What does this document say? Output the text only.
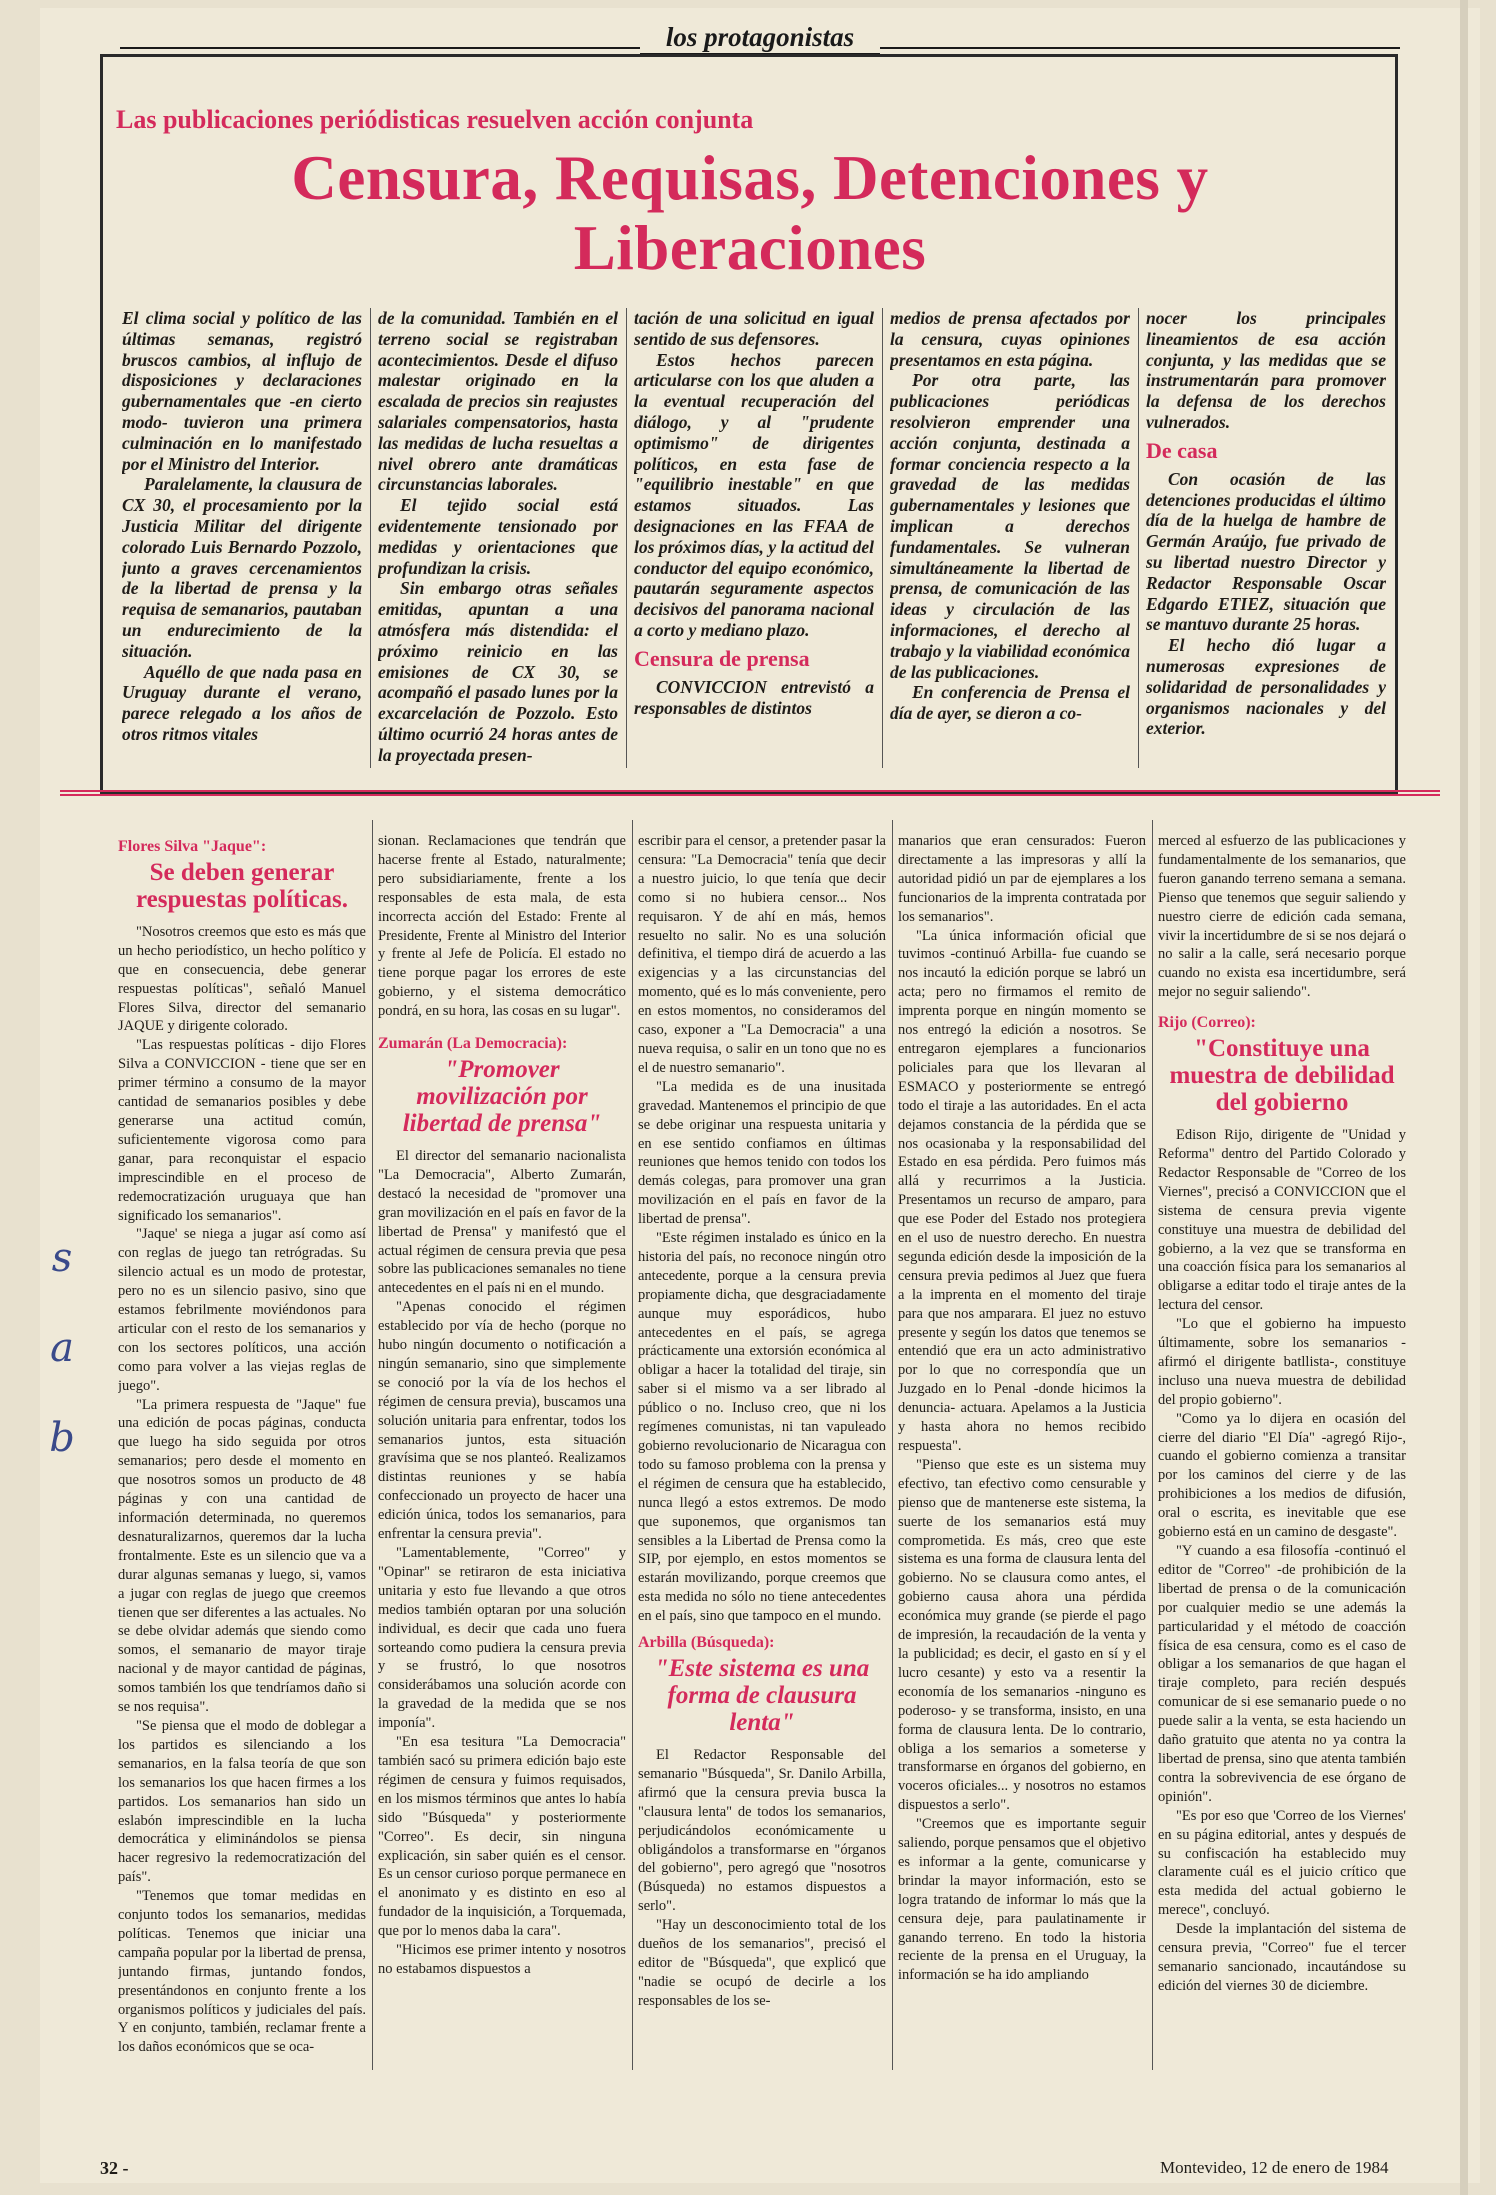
los protagonistas
Las publicaciones periódisticas resuelven acción conjunta
Censura, Requisas, Detenciones y Liberaciones

El clima social y político de las últimas semanas, registró bruscos cambios, al influjo de disposiciones y declaraciones gubernamentales que -en cierto modo- tuvieron una primera culminación en lo manifestado por el Ministro del Interior.

Paralelamente, la clausura de CX 30, el procesamiento por la Justicia Militar del dirigente colorado Luis Bernardo Pozzolo, junto a graves cercenamientos de la libertad de prensa y la requisa de semanarios, pautaban un endurecimiento de la situación.

Aquéllo de que nada pasa en Uruguay durante el verano, parece relegado a los años de otros ritmos vitales

de la comunidad. También en el terreno social se registraban acontecimientos. Desde el difuso malestar originado en la escalada de precios sin reajustes salariales compensatorios, hasta las medidas de lucha resueltas a nivel obrero ante dramáticas circunstancias laborales.

El tejido social está evidentemente tensionado por medidas y orientaciones que profundizan la crisis.

Sin embargo otras señales emitidas, apuntan a una atmósfera más distendida: el próximo reinicio en las emisiones de CX 30, se acompañó el pasado lunes por la excarcelación de Pozzolo. Esto último ocurrió 24 horas antes de la proyectada presen-

tación de una solicitud en igual sentido de sus defensores.

Estos hechos parecen articularse con los que aluden a la eventual recuperación del diálogo, y al "prudente optimismo" de dirigentes políticos, en esta fase de "equilibrio inestable" en que estamos situados. Las designaciones en las FFAA de los próximos días, y la actitud del conductor del equipo económico, pautarán seguramente aspectos decisivos del panorama nacional a corto y mediano plazo.

Censura de prensa

CONVICCION entrevistó a responsables de distintos

medios de prensa afectados por la censura, cuyas opiniones presentamos en esta página.

Por otra parte, las publicaciones periódicas resolvieron emprender una acción conjunta, destinada a formar conciencia respecto a la gravedad de las medidas gubernamentales y lesiones que implican a derechos fundamentales. Se vulneran simultáneamente la libertad de prensa, de comunicación de las ideas y circulación de las informaciones, el derecho al trabajo y la viabilidad económica de las publicaciones.

En conferencia de Prensa el día de ayer, se dieron a co-

nocer los principales lineamientos de esa acción conjunta, y las medidas que se instrumentarán para promover la defensa de los derechos vulnerados.

De casa

Con ocasión de las detenciones producidas el último día de la huelga de hambre de Germán Araújo, fue privado de su libertad nuestro Director y Redactor Responsable Oscar Edgardo ETIEZ, situación que se mantuvo durante 25 horas.

El hecho dió lugar a numerosas expresiones de solidaridad de personalidades y organismos nacionales y del exterior.

Flores Silva "Jaque":
Se deben generar respuestas políticas.

"Nosotros creemos que esto es más que un hecho periodístico, un hecho político y que en consecuencia, debe generar respuestas políticas", señaló Manuel Flores Silva, director del semanario JAQUE y dirigente colorado.

"Las respuestas políticas - dijo Flores Silva a CONVICCION - tiene que ser en primer término a consumo de la mayor cantidad de semanarios posibles y debe generarse una actitud común, suficientemente vigorosa como para ganar, para reconquistar el espacio imprescindible en el proceso de redemocratización uruguaya que han significado los semanarios".

"Jaque' se niega a jugar así como así con reglas de juego tan retrógradas. Su silencio actual es un modo de protestar, pero no es un silencio pasivo, sino que estamos febrilmente moviéndonos para articular con el resto de los semanarios y con los sectores políticos, una acción como para volver a las viejas reglas de juego".

"La primera respuesta de "Jaque" fue una edición de pocas páginas, conducta que luego ha sido seguida por otros semanarios; pero desde el momento en que nosotros somos un producto de 48 páginas y con una cantidad de información determinada, no queremos desnaturalizarnos, queremos dar la lucha frontalmente. Este es un silencio que va a durar algunas semanas y luego, si, vamos a jugar con reglas de juego que creemos tienen que ser diferentes a las actuales. No se debe olvidar además que siendo como somos, el semanario de mayor tiraje nacional y de mayor cantidad de páginas, somos también los que tendríamos daño si se nos requisa".

"Se piensa que el modo de doblegar a los partidos es silenciando a los semanarios, en la falsa teoría de que son los semanarios los que hacen firmes a los partidos. Los semanarios han sido un eslabón imprescindible en la lucha democrática y eliminándolos se piensa hacer regresivo la redemocratización del país".

"Tenemos que tomar medidas en conjunto todos los semanarios, medidas políticas. Tenemos que iniciar una campaña popular por la libertad de prensa, juntando firmas, juntando fondos, presentándonos en conjunto frente a los organismos políticos y judiciales del país. Y en conjunto, también, reclamar frente a los daños económicos que se oca-

sionan. Reclamaciones que tendrán que hacerse frente al Estado, naturalmente; pero subsidiariamente, frente a los responsables de esta mala, de esta incorrecta acción del Estado: Frente al Presidente, Frente al Ministro del Interior y frente al Jefe de Policía. El estado no tiene porque pagar los errores de este gobierno, y el sistema democrático pondrá, en su hora, las cosas en su lugar".

Zumarán (La Democracia):
"Promover movilización por libertad de prensa"

El director del semanario nacionalista "La Democracia", Alberto Zumarán, destacó la necesidad de "promover una gran movilización en el país en favor de la libertad de Prensa" y manifestó que el actual régimen de censura previa que pesa sobre las publicaciones semanales no tiene antecedentes en el país ni en el mundo.

"Apenas conocido el régimen establecido por vía de hecho (porque no hubo ningún documento o notificación a ningún semanario, sino que simplemente se conoció por la vía de los hechos el régimen de censura previa), buscamos una solución unitaria para enfrentar, todos los semanarios juntos, esta situación gravísima que se nos planteó. Realizamos distintas reuniones y se había confeccionado un proyecto de hacer una edición única, todos los semanarios, para enfrentar la censura previa".

"Lamentablemente, "Correo" y "Opinar" se retiraron de esta iniciativa unitaria y esto fue llevando a que otros medios también optaran por una solución individual, es decir que cada uno fuera sorteando como pudiera la censura previa y se frustró, lo que nosotros considerábamos una solución acorde con la gravedad de la medida que se nos imponía".

"En esa tesitura "La Democracia" también sacó su primera edición bajo este régimen de censura y fuimos requisados, en los mismos términos que antes lo había sido "Búsqueda" y posteriormente "Correo". Es decir, sin ninguna explicación, sin saber quién es el censor. Es un censor curioso porque permanece en el anonimato y es distinto en eso al fundador de la inquisición, a Torquemada, que por lo menos daba la cara".

"Hicimos ese primer intento y nosotros no estabamos dispuestos a

escribir para el censor, a pretender pasar la censura: "La Democracia" tenía que decir a nuestro juicio, lo que tenía que decir como si no hubiera censor... Nos requisaron. Y de ahí en más, hemos resuelto no salir. No es una solución definitiva, el tiempo dirá de acuerdo a las exigencias y a las circunstancias del momento, qué es lo más conveniente, pero en estos momentos, no consideramos del caso, exponer a "La Democracia" a una nueva requisa, o salir en un tono que no es el de nuestro semanario".

"La medida es de una inusitada gravedad. Mantenemos el principio de que se debe originar una respuesta unitaria y en ese sentido confiamos en últimas reuniones que hemos tenido con todos los demás colegas, para promover una gran movilización en el país en favor de la libertad de prensa".

"Este régimen instalado es único en la historia del país, no reconoce ningún otro antecedente, porque a la censura previa propiamente dicha, que desgraciadamente aunque muy esporádicos, hubo antecedentes en el país, se agrega prácticamente una extorsión económica al obligar a hacer la totalidad del tiraje, sin saber si el mismo va a ser librado al público o no. Incluso creo, que ni los regímenes comunistas, ni tan vapuleado gobierno revolucionario de Nicaragua con todo su famoso problema con la prensa y el régimen de censura que ha establecido, nunca llegó a estos extremos. De modo que suponemos, que organismos tan sensibles a la Libertad de Prensa como la SIP, por ejemplo, en estos momentos se estarán movilizando, porque creemos que esta medida no sólo no tiene antecedentes en el país, sino que tampoco en el mundo.

Arbilla (Búsqueda):
"Este sistema es una forma de clausura lenta"

El Redactor Responsable del semanario "Búsqueda", Sr. Danilo Arbilla, afirmó que la censura previa busca la "clausura lenta" de todos los semanarios, perjudicándolos económicamente u obligándolos a transformarse en "órganos del gobierno", pero agregó que "nosotros (Búsqueda) no estamos dispuestos a serlo".

"Hay un desconocimiento total de los dueños de los semanarios", precisó el editor de "Búsqueda", que explicó que "nadie se ocupó de decirle a los responsables de los se-

manarios que eran censurados: Fueron directamente a las impresoras y allí la autoridad pidió un par de ejemplares a los funcionarios de la imprenta contratada por los semanarios".

"La única información oficial que tuvimos -continuó Arbilla- fue cuando se nos incautó la edición porque se labró un acta; pero no firmamos el remito de imprenta porque en ningún momento se nos entregó la edición a nosotros. Se entregaron ejemplares a funcionarios policiales para que los llevaran al ESMACO y posteriormente se entregó todo el tiraje a las autoridades. En el acta dejamos constancia de la pérdida que se nos ocasionaba y la responsabilidad del Estado en esa pérdida. Pero fuimos más allá y recurrimos a la Justicia. Presentamos un recurso de amparo, para que ese Poder del Estado nos protegiera en el uso de nuestro derecho. En nuestra segunda edición desde la imposición de la censura previa pedimos al Juez que fuera a la imprenta en el momento del tiraje para que nos amparara. El juez no estuvo presente y según los datos que tenemos se entendió que era un acto administrativo por lo que no correspondía que un Juzgado en lo Penal -donde hicimos la denuncia- actuara. Apelamos a la Justicia y hasta ahora no hemos recibido respuesta".

"Pienso que este es un sistema muy efectivo, tan efectivo como censurable y pienso que de mantenerse este sistema, la suerte de los semanarios está muy comprometida. Es más, creo que este sistema es una forma de clausura lenta del gobierno. No se clausura como antes, el gobierno causa ahora una pérdida económica muy grande (se pierde el pago de impresión, la recaudación de la venta y la publicidad; es decir, el gasto en sí y el lucro cesante) y esto va a resentir la economía de los semanarios -ninguno es poderoso- y se transforma, insisto, en una forma de clausura lenta. De lo contrario, obliga a los semarios a someterse y transformarse en órganos del gobierno, en voceros oficiales... y nosotros no estamos dispuestos a serlo".

"Creemos que es importante seguir saliendo, porque pensamos que el objetivo es informar a la gente, comunicarse y brindar la mayor información, esto se logra tratando de informar lo más que la censura deje, para paulatinamente ir ganando terreno. En todo la historia reciente de la prensa en el Uruguay, la información se ha ido ampliando

merced al esfuerzo de las publicaciones y fundamentalmente de los semanarios, que fueron ganando terreno semana a semana. Pienso que tenemos que seguir saliendo y nuestro cierre de edición cada semana, vivir la incertidumbre de si se nos dejará o no salir a la calle, será necesario porque cuando no exista esa incertidumbre, será mejor no seguir saliendo".

Rijo (Correo):
"Constituye una muestra de debilidad del gobierno

Edison Rijo, dirigente de "Unidad y Reforma" dentro del Partido Colorado y Redactor Responsable de "Correo de los Viernes", precisó a CONVICCION que el sistema de censura previa vigente constituye una muestra de debilidad del gobierno, a la vez que se transforma en una coacción física para los semanarios al obligarse a editar todo el tiraje antes de la lectura del censor.

"Lo que el gobierno ha impuesto últimamente, sobre los semanarios - afirmó el dirigente batllista-, constituye incluso una nueva muestra de debilidad del propio gobierno".

"Como ya lo dijera en ocasión del cierre del diario "El Día" -agregó Rijo-, cuando el gobierno comienza a transitar por los caminos del cierre y de las prohibiciones a los medios de difusión, oral o escrita, es inevitable que ese gobierno está en un camino de desgaste".

"Y cuando a esa filosofía -continuó el editor de "Correo" -de prohibición de la libertad de prensa o de la comunicación por cualquier medio se une además la particularidad y el método de coacción física de esa censura, como es el caso de obligar a los semanarios de que hagan el tiraje completo, para recién después comunicar de si ese semanario puede o no puede salir a la venta, se esta haciendo un daño gratuito que atenta no ya contra la libertad de prensa, sino que atenta también contra la sobrevivencia de ese órgano de opinión".

"Es por eso que 'Correo de los Viernes' en su página editorial, antes y después de su confiscación ha establecido muy claramente cuál es el juicio crítico que esta medida del actual gobierno le merece", concluyó.

Desde la implantación del sistema de censura previa, "Correo" fue el tercer semanario sancionado, incautándose su edición del viernes 30 de diciembre.

s
a
b
32 -	Montevideo, 12 de enero de 1984
